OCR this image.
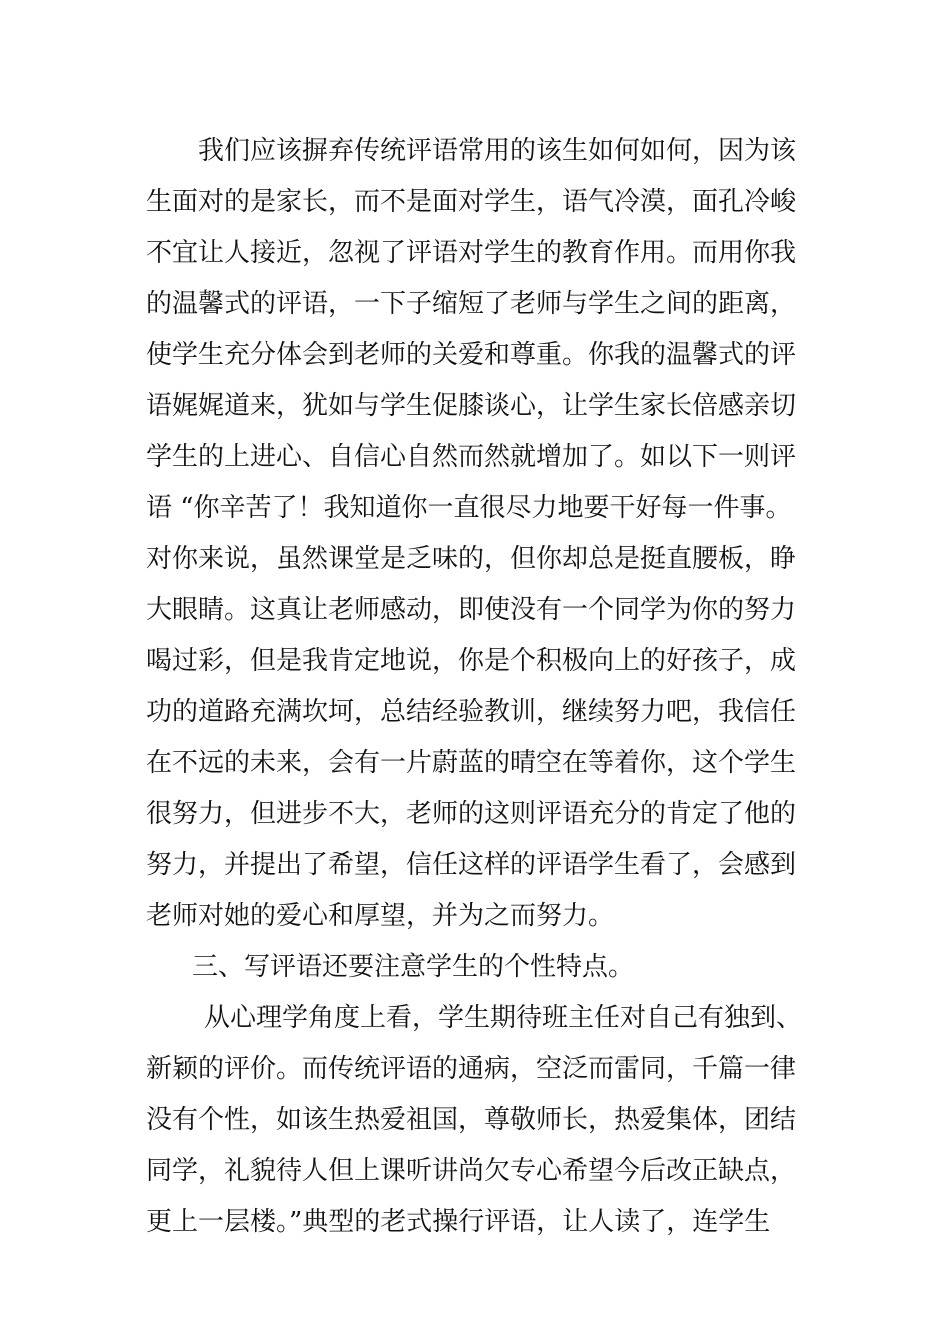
我们应该摒弃传统评语常用的该生如何如何，因为该
生面对的是家长，而不是面对学生，语气冷漠，面孔冷峻
不宜让人接近，忽视了评语对学生的教育作用。而用你我
的温馨式的评语，一下子缩短了老师与学生之间的距离，
使学生充分体会到老师的关爱和尊重。你我的温馨式的评
语娓娓道来，犹如与学生促膝谈心，让学生家长倍感亲切
学生的上进心、自信心自然而然就增加了。如以下一则评
语 “你辛苦了！我知道你一直很尽力地要干好每一件事。
对你来说，虽然课堂是乏味的，但你却总是挺直腰板，睁
大眼睛。这真让老师感动，即使没有一个同学为你的努力
喝过彩，但是我肯定地说，你是个积极向上的好孩子，成
功的道路充满坎坷，总结经验教训，继续努力吧，我信任
在不远的未来，会有一片蔚蓝的晴空在等着你，这个学生
很努力，但进步不大，老师的这则评语充分的肯定了他的
努力，并提出了希望，信任这样的评语学生看了，会感到
老师对她的爱心和厚望，并为之而努力。
三、写评语还要注意学生的个性特点。
从心理学角度上看，学生期待班主任对自己有独到、
新颖的评价。而传统评语的通病，空泛而雷同，千篇一律
没有个性，如该生热爱祖国，尊敬师长，热爱集体，团结
同学，礼貌待人但上课听讲尚欠专心希望今后改正缺点，
更上一层楼。”典型的老式操行评语，让人读了，连学生
